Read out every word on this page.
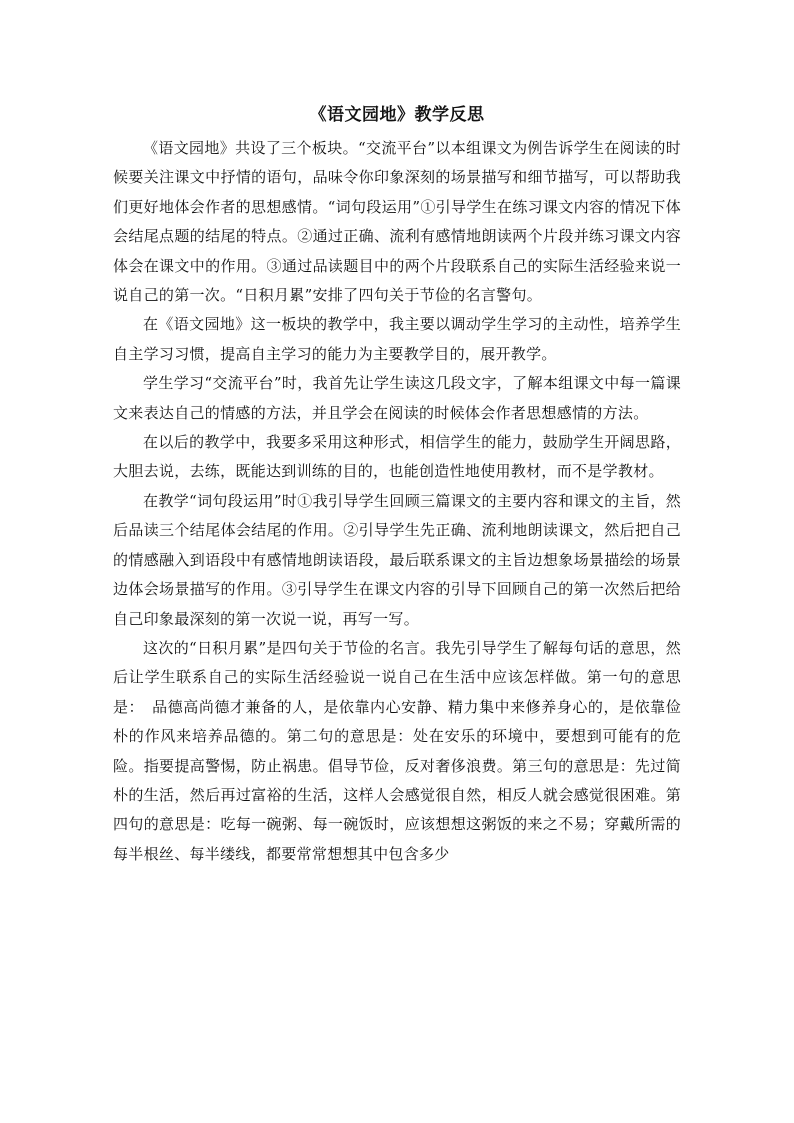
《语文园地》教学反思

《语文园地》共设了三个板块。“交流平台”以本组课文为例告诉学生在阅读的时候要关注课文中抒情的语句，品味令你印象深刻的场景描写和细节描写，可以帮助我们更好地体会作者的思想感情。“词句段运用”①引导学生在练习课文内容的情况下体会结尾点题的结尾的特点。②通过正确、流利有感情地朗读两个片段并练习课文内容体会在课文中的作用。③通过品读题目中的两个片段联系自己的实际生活经验来说一说自己的第一次。“日积月累”安排了四句关于节俭的名言警句。

在《语文园地》这一板块的教学中，我主要以调动学生学习的主动性，培养学生自主学习习惯，提高自主学习的能力为主要教学目的，展开教学。

学生学习“交流平台”时，我首先让学生读这几段文字，了解本组课文中每一篇课文来表达自己的情感的方法，并且学会在阅读的时候体会作者思想感情的方法。

在以后的教学中，我要多采用这种形式，相信学生的能力，鼓励学生开阔思路，大胆去说，去练，既能达到训练的目的，也能创造性地使用教材，而不是学教材。

在教学“词句段运用”时①我引导学生回顾三篇课文的主要内容和课文的主旨，然后品读三个结尾体会结尾的作用。②引导学生先正确、流利地朗读课文，然后把自己的情感融入到语段中有感情地朗读语段，最后联系课文的主旨边想象场景描绘的场景边体会场景描写的作用。③引导学生在课文内容的引导下回顾自己的第一次然后把给自己印象最深刻的第一次说一说，再写一写。

这次的“日积月累”是四句关于节俭的名言。我先引导学生了解每句话的意思，然后让学生联系自己的实际生活经验说一说自己在生活中应该怎样做。第一句的意思是：　品德高尚德才兼备的人，是依靠内心安静、精力集中来修养身心的，是依靠俭朴的作风来培养品德的。第二句的意思是：处在安乐的环境中，要想到可能有的危险。指要提高警惕，防止祸患。倡导节俭，反对奢侈浪费。第三句的意思是：先过简朴的生活，然后再过富裕的生活，这样人会感觉很自然，相反人就会感觉很困难。第四句的意思是：吃每一碗粥、每一碗饭时，应该想想这粥饭的来之不易；穿戴所需的每半根丝、每半缕线，都要常常想想其中包含多少
